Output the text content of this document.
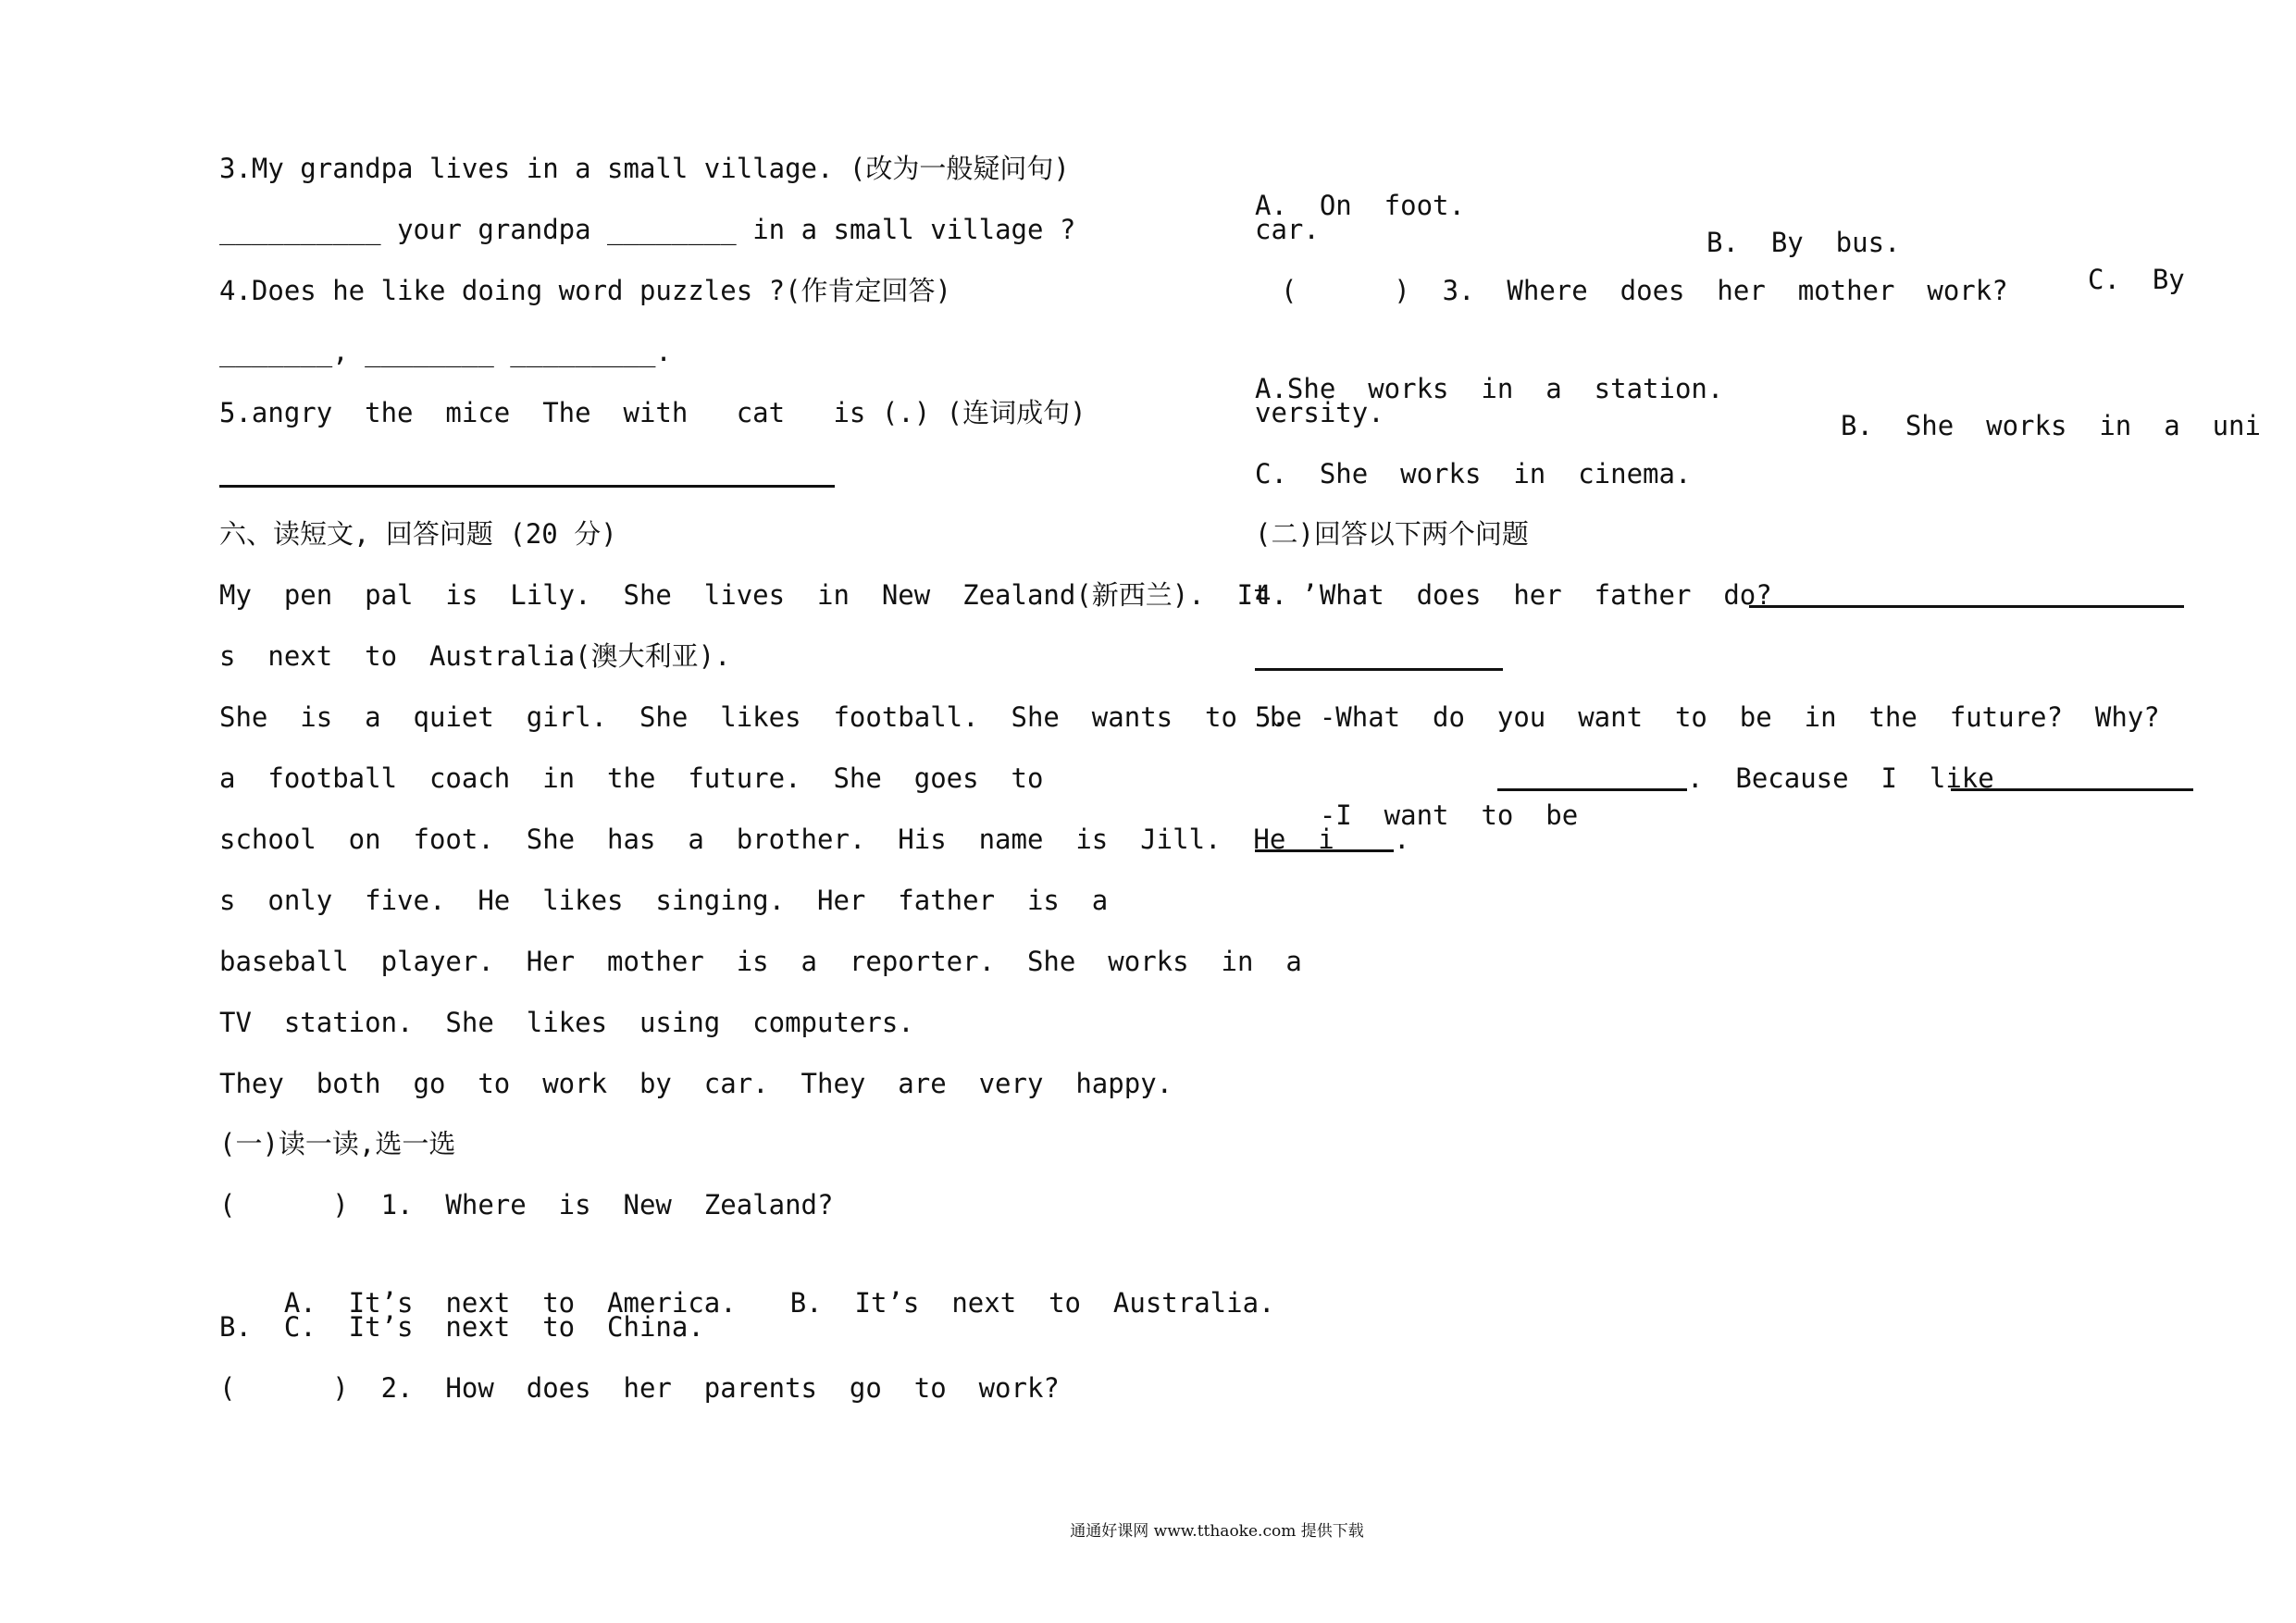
3.My grandpa lives in a small village. (改为一般疑问句)
__________ your grandpa ________ in a small village ?
4.Does he like doing word puzzles ?(作肯定回答)
_______, ________ _________.
5.angry  the  mice  The  with   cat   is (.) (连词成句)
六、读短文, 回答问题 (20 分)
My  pen  pal  is  Lily.  She  lives  in  New  Zealand(新西兰).  It  ’
s  next  to  Australia(澳大利亚).
She  is  a  quiet  girl.  She  likes  football.  She  wants  to  be
a  football  coach  in  the  future.  She  goes  to
school  on  foot.  She  has  a  brother.  His  name  is  Jill.  He  i
s  only  five.  He  likes  singing.  Her  father  is  a
baseball  player.  Her  mother  is  a  reporter.  She  works  in  a
TV  station.  She  likes  using  computers.
They  both  go  to  work  by  car.  They  are  very  happy.
(一)读一读,选一选
(      )  1.  Where  is  New  Zealand?

A.  It’s  next  to  America. B.  It’s  next  to  Australia.

B.  C.  It’s  next  to  China.
(      )  2.  How  does  her  parents  go  to  work?

A.  On  foot.

B.  By  bus.

C.  By

car.
(      )  3.  Where  does  her  mother  work?

A.She  works  in  a  station.

B.  She  works  in  a  uni

versity.
C.  She  works  in  cinema.
(二)回答以下两个问题
4.  What  does  her  father  do?
5.  -What  do  you  want  to  be  in  the  future?  Why?

-I  want  to  be

.  Because  I  like
.
通通好课网 www.tthaoke.com 提供下载
